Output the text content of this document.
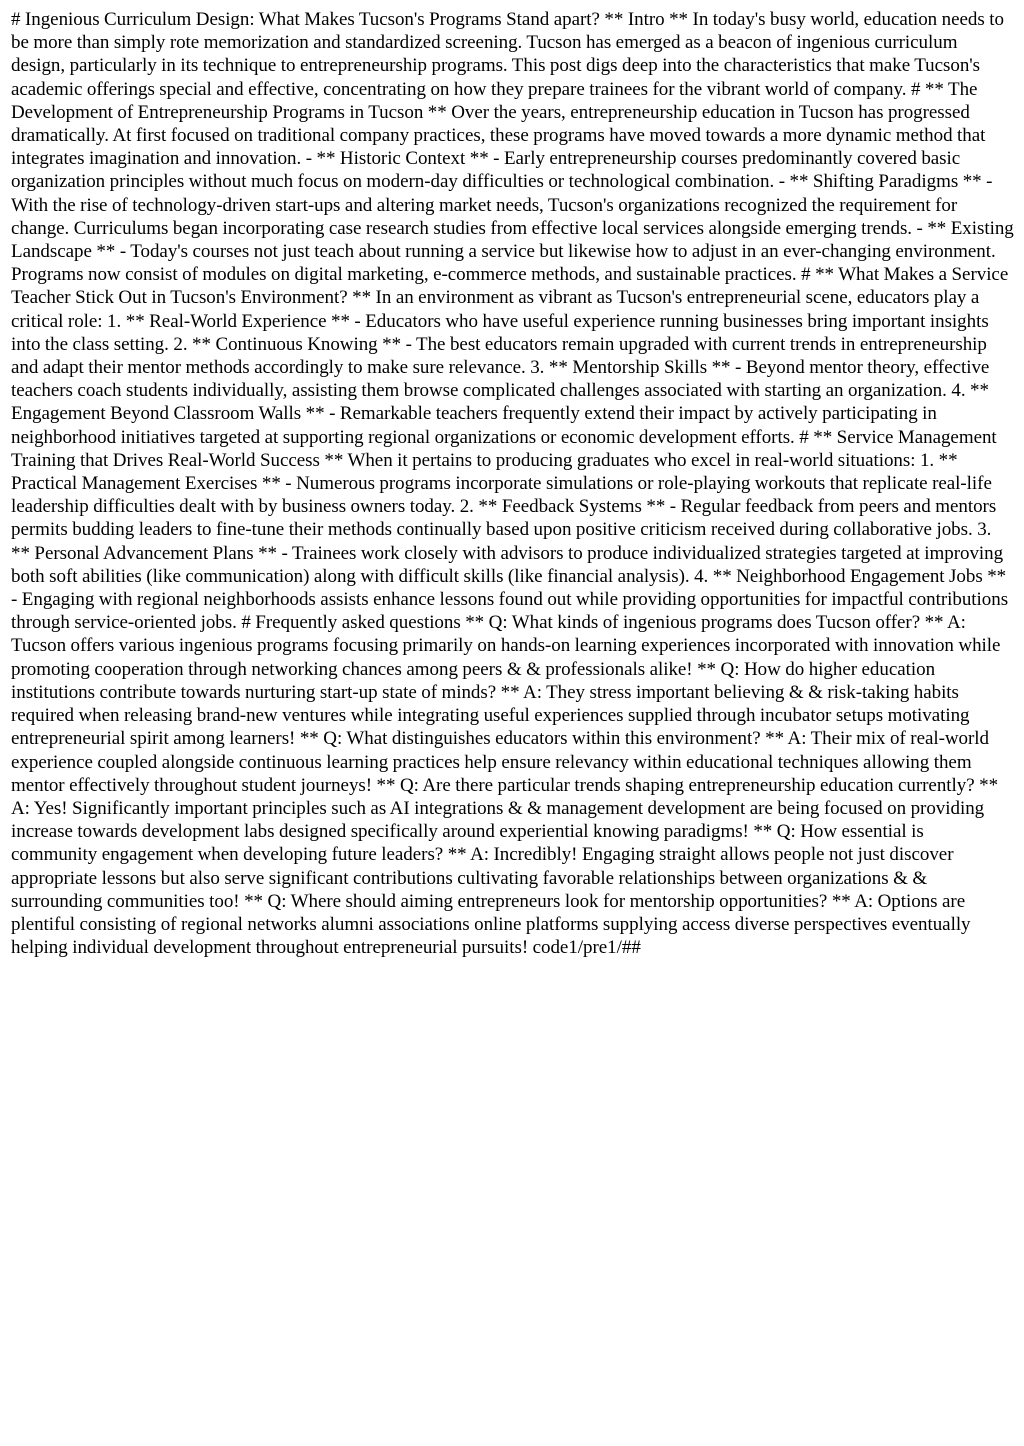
# Ingenious Curriculum Design: What Makes Tucson's Programs Stand apart? ** Intro ** In today's busy world, education needs to be more than simply rote memorization and standardized screening. Tucson has emerged as a beacon of ingenious curriculum design, particularly in its technique to entrepreneurship programs. This post digs deep into the characteristics that make Tucson's academic offerings special and effective, concentrating on how they prepare trainees for the vibrant world of company. # ** The Development of Entrepreneurship Programs in Tucson ** Over the years, entrepreneurship education in Tucson has progressed dramatically. At first focused on traditional company practices, these programs have moved towards a more dynamic method that integrates imagination and innovation. - ** Historic Context ** - Early entrepreneurship courses predominantly covered basic organization principles without much focus on modern-day difficulties or technological combination. - ** Shifting Paradigms ** - With the rise of technology-driven start-ups and altering market needs, Tucson's organizations recognized the requirement for change. Curriculums began incorporating case research studies from effective local services alongside emerging trends. - ** Existing Landscape ** - Today's courses not just teach about running a service but likewise how to adjust in an ever-changing environment. Programs now consist of modules on digital marketing, e-commerce methods, and sustainable practices. # ** What Makes a Service Teacher Stick Out in Tucson's Environment? ** In an environment as vibrant as Tucson's entrepreneurial scene, educators play a critical role: 1. ** Real-World Experience ** - Educators who have useful experience running businesses bring important insights into the class setting. 2. ** Continuous Knowing ** - The best educators remain upgraded with current trends in entrepreneurship and adapt their mentor methods accordingly to make sure relevance. 3. ** Mentorship Skills ** - Beyond mentor theory, effective teachers coach students individually, assisting them browse complicated challenges associated with starting an organization. 4. ** Engagement Beyond Classroom Walls ** - Remarkable teachers frequently extend their impact by actively participating in neighborhood initiatives targeted at supporting regional organizations or economic development efforts. # ** Service Management Training that Drives Real-World Success ** When it pertains to producing graduates who excel in real-world situations: 1. ** Practical Management Exercises ** - Numerous programs incorporate simulations or role-playing workouts that replicate real-life leadership difficulties dealt with by business owners today. 2. ** Feedback Systems ** - Regular feedback from peers and mentors permits budding leaders to fine-tune their methods continually based upon positive criticism received during collaborative jobs. 3. ** Personal Advancement Plans ** - Trainees work closely with advisors to produce individualized strategies targeted at improving both soft abilities (like communication) along with difficult skills (like financial analysis). 4. ** Neighborhood Engagement Jobs ** - Engaging with regional neighborhoods assists enhance lessons found out while providing opportunities for impactful contributions through service-oriented jobs. # Frequently asked questions ** Q: What kinds of ingenious programs does Tucson offer? ** A: Tucson offers various ingenious programs focusing primarily on hands-on learning experiences incorporated with innovation while promoting cooperation through networking chances among peers & & professionals alike! ** Q: How do higher education institutions contribute towards nurturing start-up state of minds? ** A: They stress important believing & & risk-taking habits required when releasing brand-new ventures while integrating useful experiences supplied through incubator setups motivating entrepreneurial spirit among learners! ** Q: What distinguishes educators within this environment? ** A: Their mix of real-world experience coupled alongside continuous learning practices help ensure relevancy within educational techniques allowing them mentor effectively throughout student journeys! ** Q: Are there particular trends shaping entrepreneurship education currently? ** A: Yes! Significantly important principles such as AI integrations & & management development are being focused on providing increase towards development labs designed specifically around experiential knowing paradigms! ** Q: How essential is community engagement when developing future leaders? ** A: Incredibly! Engaging straight allows people not just discover appropriate lessons but also serve significant contributions cultivating favorable relationships between organizations & & surrounding communities too! ** Q: Where should aiming entrepreneurs look for mentorship opportunities? ** A: Options are plentiful consisting of regional networks alumni associations online platforms supplying access diverse perspectives eventually helping individual development throughout entrepreneurial pursuits! code1/pre1/##
